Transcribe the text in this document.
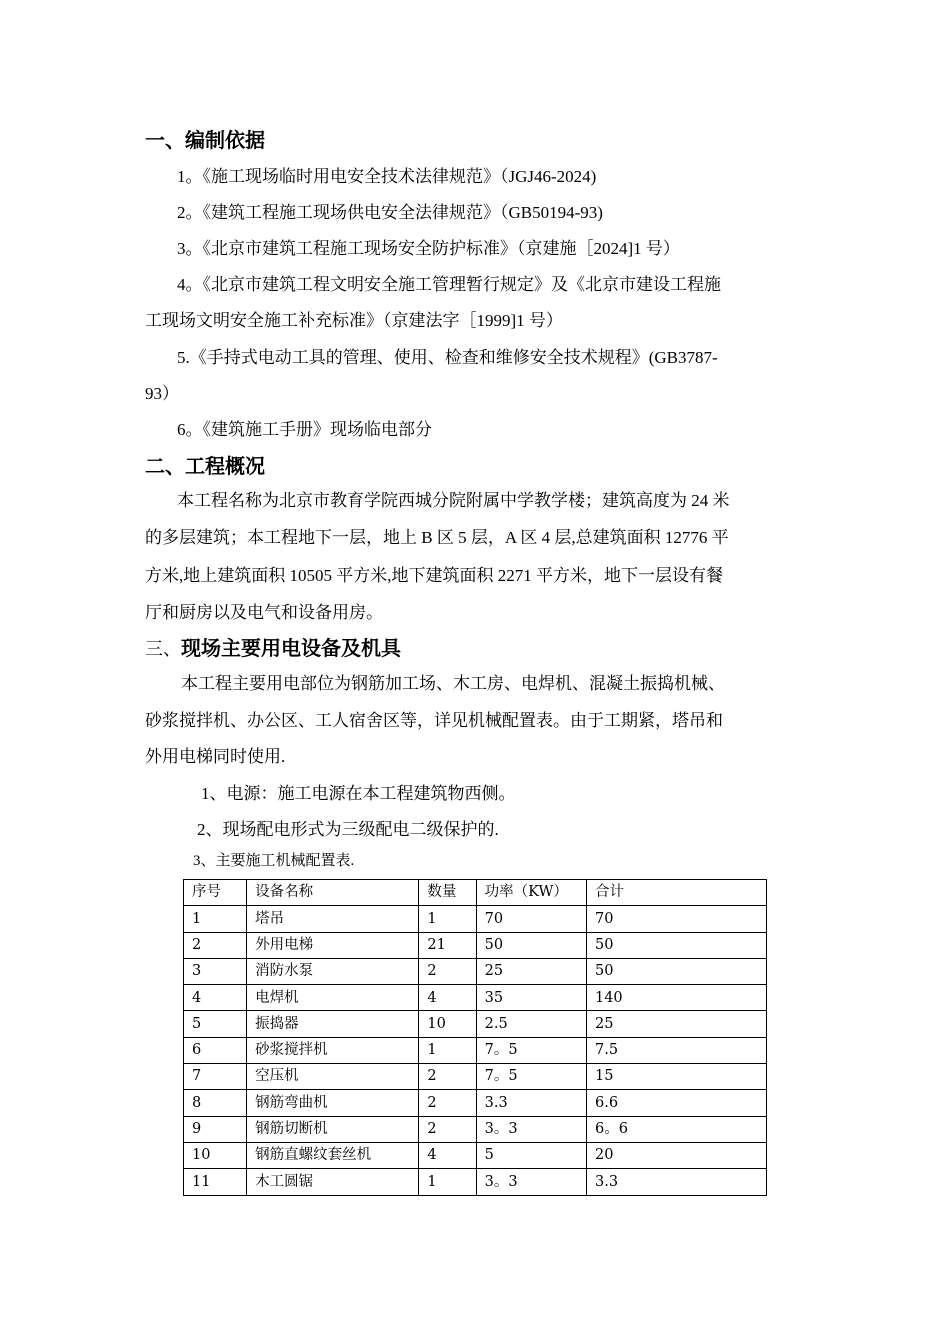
一、编制依据
1。《施工现场临时用电安全技术法律规范》（JGJ46-2024)
2。《建筑工程施工现场供电安全法律规范》（GB50194-93)
3。《北京市建筑工程施工现场安全防护标准》（京建施［2024]1 号）
4。《北京市建筑工程文明安全施工管理暂行规定》及《北京市建设工程施
工现场文明安全施工补充标准》（京建法字［1999]1 号）
5.《手持式电动工具的管理、使用、检查和维修安全技术规程》(GB3787-
93）
6。《建筑施工手册》现场临电部分
二、工程概况
本工程名称为北京市教育学院西城分院附属中学教学楼；建筑高度为 24 米
的多层建筑；本工程地下一层，地上 B 区 5 层，A 区 4 层,总建筑面积 12776 平
方米,地上建筑面积 10505 平方米,地下建筑面积 2271 平方米，地下一层设有餐
厅和厨房以及电气和设备用房。
三、现场主要用电设备及机具
本工程主要用电部位为钢筋加工场、木工房、电焊机、混凝土振捣机械、
砂浆搅拌机、办公区、工人宿舍区等，详见机械配置表。由于工期紧，塔吊和
外用电梯同时使用.
1、电源：施工电源在本工程建筑物西侧。
2、现场配电形式为三级配电二级保护的.
3、主要施工机械配置表.
序号	设备名称	数量	功率（KW）	合计
1	塔吊	1	70	70
2	外用电梯	21	50	50
3	消防水泵	2	25	50
4	电焊机	4	35	140
5	振捣器	10	2.5	25
6	砂浆搅拌机	1	7。5	7.5
7	空压机	2	7。5	15
8	钢筋弯曲机	2	3.3	6.6
9	钢筋切断机	2	3。3	6。6
10	钢筋直螺纹套丝机	4	5	20
11	木工圆锯	1	3。3	3.3
